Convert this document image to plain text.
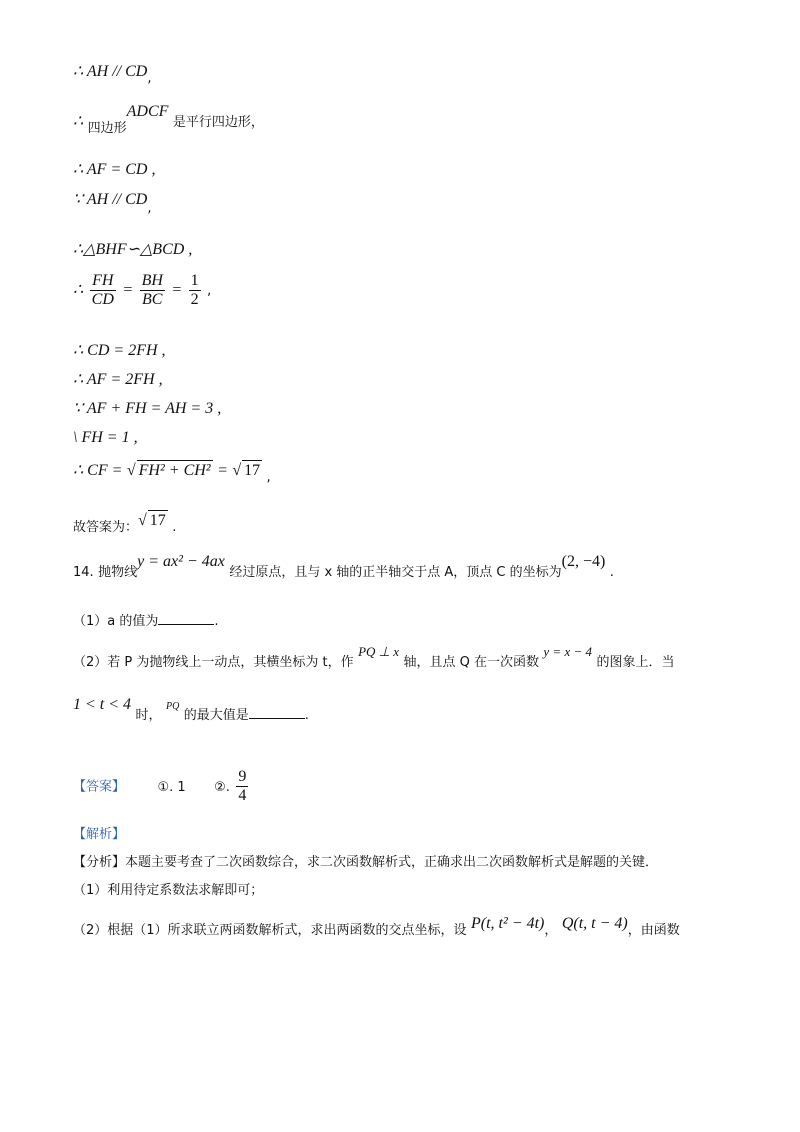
∴ AH // CD,
∴ 四边形ADCF 是平行四边形，
∴ AF = CD ,
∵ AH // CD,
∴△BHF∽△BCD ,
∴ $\frac{FH}{CD} = \frac{BH}{BC} = \frac{1}{2}$ ,
∴ CD = 2FH ,
∴ AF = 2FH ,
∵ AF + FH = AH = 3 ,
\ FH = 1 ,
∴ CF = √ FH² + CH² = √ 17 ,
故答案为：√ 17 .
14. 抛物线y = ax² − 4ax 经过原点，且与 x 轴的正半轴交于点 A，顶点 C 的坐标为(2, −4) .
（1）a 的值为	.
（2）若 P 为抛物线上一动点，其横坐标为 t，作 PQ ⊥ x 轴，且点 Q 在一次函数 y = x − 4 的图象上．当
1 < t < 4 时， $^{PQ}$ 的最大值是	.
【答案】 ①. 1 ②. $\frac{9}{4}$
【解析】
【分析】本题主要考查了二次函数综合，求二次函数解析式，正确求出二次函数解析式是解题的关键．
（1）利用待定系数法求解即可；
（2）根据（1）所求联立两函数解析式，求出两函数的交点坐标，设 P(t, t² − 4t)， Q(t, t − 4)，由函数
